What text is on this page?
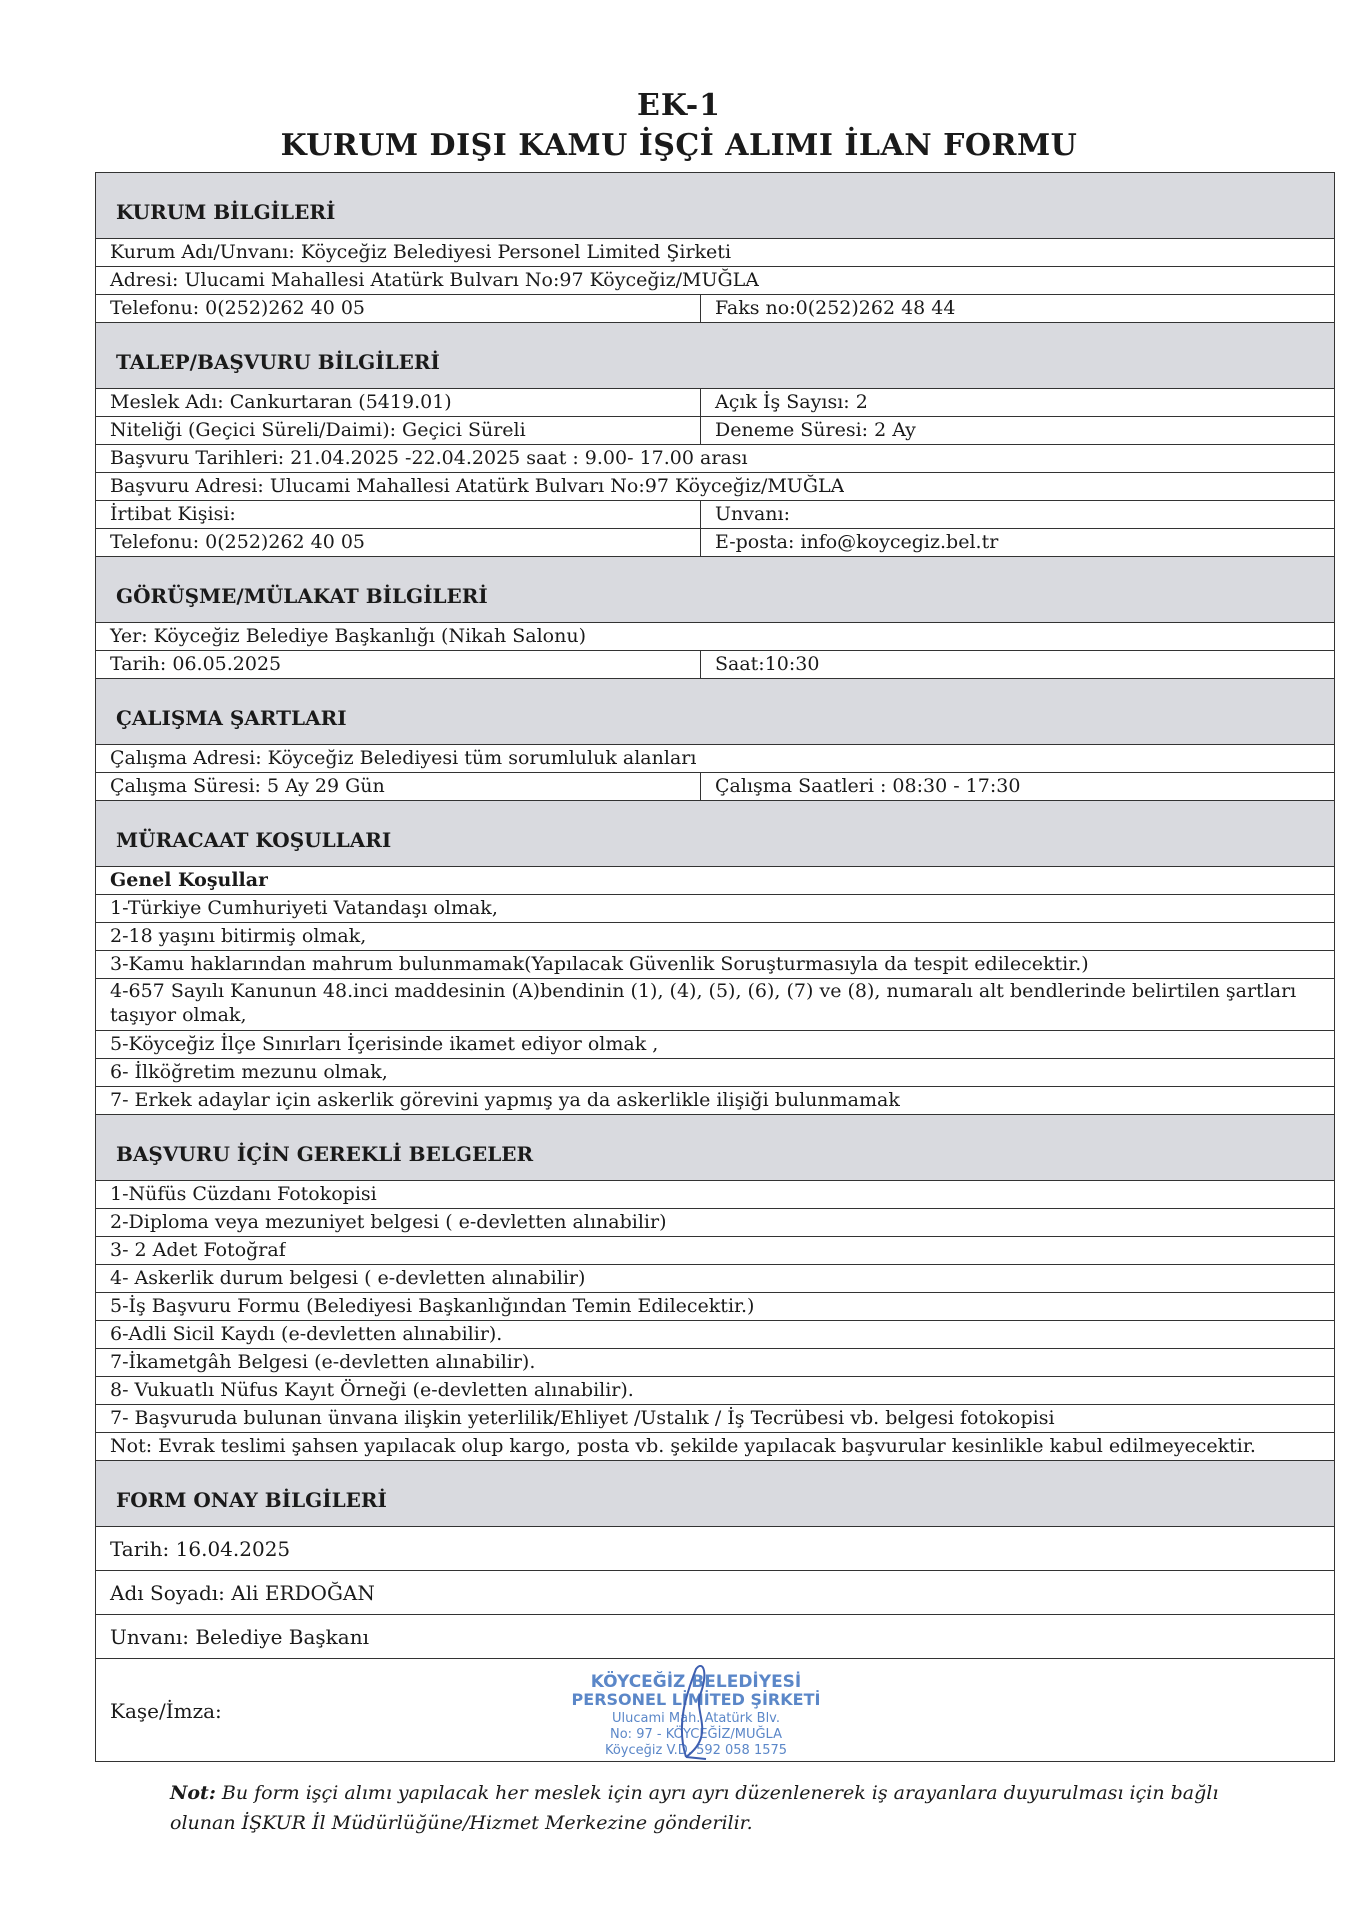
EK-1
KURUM DIŞI KAMU İŞÇİ ALIMI İLAN FORMU
KURUM BİLGİLERİ
Kurum Adı/Unvanı: Köyceğiz Belediyesi Personel Limited Şirketi
Adresi: Ulucami Mahallesi Atatürk Bulvarı No:97 Köyceğiz/MUĞLA
Telefonu: 0(252)262 40 05	Faks no:0(252)262 48 44
TALEP/BAŞVURU BİLGİLERİ
Meslek Adı: Cankurtaran (5419.01)	Açık İş Sayısı: 2
Niteliği (Geçici Süreli/Daimi): Geçici Süreli	Deneme Süresi: 2 Ay
Başvuru Tarihleri: 21.04.2025 -22.04.2025 saat : 9.00- 17.00 arası
Başvuru Adresi: Ulucami Mahallesi Atatürk Bulvarı No:97 Köyceğiz/MUĞLA
İrtibat Kişisi:	Unvanı:
Telefonu: 0(252)262 40 05	E-posta: info@koycegiz.bel.tr
GÖRÜŞME/MÜLAKAT BİLGİLERİ
Yer: Köyceğiz Belediye Başkanlığı (Nikah Salonu)
Tarih: 06.05.2025	Saat:10:30
ÇALIŞMA ŞARTLARI
Çalışma Adresi: Köyceğiz Belediyesi tüm sorumluluk alanları
Çalışma Süresi: 5 Ay 29 Gün	Çalışma Saatleri : 08:30 - 17:30
MÜRACAAT KOŞULLARI
Genel Koşullar
1-Türkiye Cumhuriyeti Vatandaşı olmak,
2-18 yaşını bitirmiş olmak,
3-Kamu haklarından mahrum bulunmamak(Yapılacak Güvenlik Soruşturmasıyla da tespit edilecektir.)
4-657 Sayılı Kanunun 48.inci maddesinin (A)bendinin (1), (4), (5), (6), (7) ve (8), numaralı alt bendlerinde belirtilen şartları taşıyor olmak,
5-Köyceğiz İlçe Sınırları İçerisinde ikamet ediyor olmak ,
6- İlköğretim mezunu olmak,
7- Erkek adaylar için askerlik görevini yapmış ya da askerlikle ilişiği bulunmamak
BAŞVURU İÇİN GEREKLİ BELGELER
1-Nüfüs Cüzdanı Fotokopisi
2-Diploma veya mezuniyet belgesi ( e-devletten alınabilir)
3- 2 Adet Fotoğraf
4- Askerlik durum belgesi ( e-devletten alınabilir)
5-İş Başvuru Formu (Belediyesi Başkanlığından Temin Edilecektir.)
6-Adli Sicil Kaydı (e-devletten alınabilir).
7-İkametgâh Belgesi (e-devletten alınabilir).
8- Vukuatlı Nüfus Kayıt Örneği (e-devletten alınabilir).
7- Başvuruda bulunan ünvana ilişkin yeterlilik/Ehliyet /Ustalık / İş Tecrübesi vb. belgesi fotokopisi
Not: Evrak teslimi şahsen yapılacak olup kargo, posta vb. şekilde yapılacak başvurular kesinlikle kabul edilmeyecektir.
FORM ONAY BİLGİLERİ
Tarih: 16.04.2025
Adı Soyadı: Ali ERDOĞAN
Unvanı: Belediye Başkanı
Kaşe/İmza:
KÖYCEĞİZ BELEDİYESİ
PERSONEL LİMİTED ŞİRKETİ
Ulucami Mah. Atatürk Blv.
No: 97 - KÖYCEĞİZ/MUĞLA
Köyceğiz V.D. 592 058 1575
Not: Bu form işçi alımı yapılacak her meslek için ayrı ayrı düzenlenerek iş arayanlara duyurulması için bağlı olunan İŞKUR İl Müdürlüğüne/Hizmet Merkezine gönderilir.
